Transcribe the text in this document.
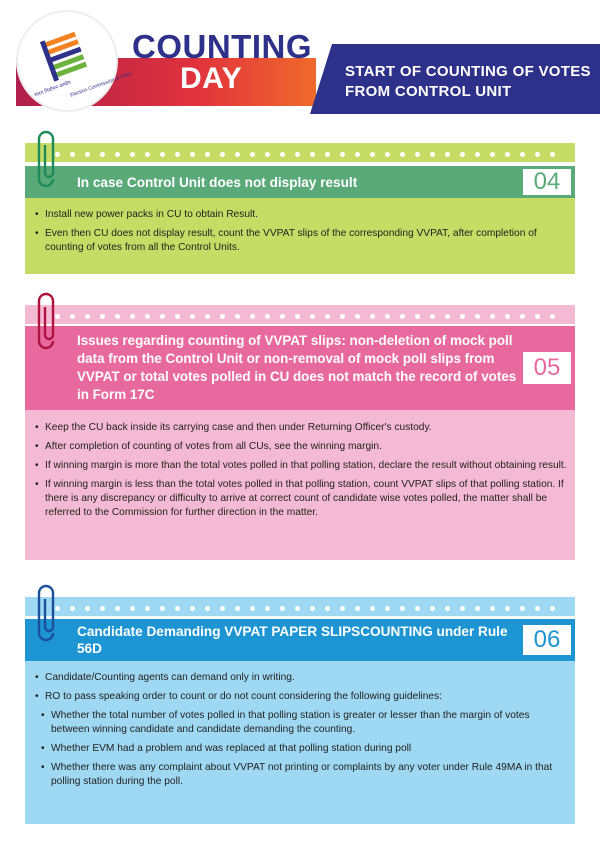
START OF COUNTING OF VOTES FROM CONTROL UNIT
भारत निर्वाचन आयोग
Election Commission of India
COUNTING
DAY
In case Control Unit does not display result	04
• Install new power packs in CU to obtain Result.
• Even then CU does not display result, count the VVPAT slips of the corresponding VVPAT, after completion of counting of votes from all the Control Units.
Issues regarding counting of VVPAT slips: non-deletion of mock poll data from the Control Unit or non-removal of mock poll slips from VVPAT or total votes polled in CU does not match the record of votes in Form 17C
05
• Keep the CU back inside its carrying case and then under Returning Officer's custody.
• After completion of counting of votes from all CUs, see the winning margin.
• If winning margin is more than the total votes polled in that polling station, declare the result without obtaining result.
• If winning margin is less than the total votes polled in that polling station, count VVPAT slips of that polling station. If there is any discrepancy or difficulty to arrive at correct count of candidate wise votes polled, the matter shall be referred to the Commission for further direction in the matter.
Candidate Demanding VVPAT PAPER SLIPSCOUNTING under Rule 56D	06
• Candidate/Counting agents can demand only in writing.
• RO to pass speaking order to count or do not count considering the following guidelines:
• Whether the total number of votes polled in that polling station is greater or lesser than the margin of votes between winning candidate and candidate demanding the counting.
• Whether EVM had a problem and was replaced at that polling station during poll
• Whether there was any complaint about VVPAT not printing or complaints by any voter under Rule 49MA in that polling station during the poll.
